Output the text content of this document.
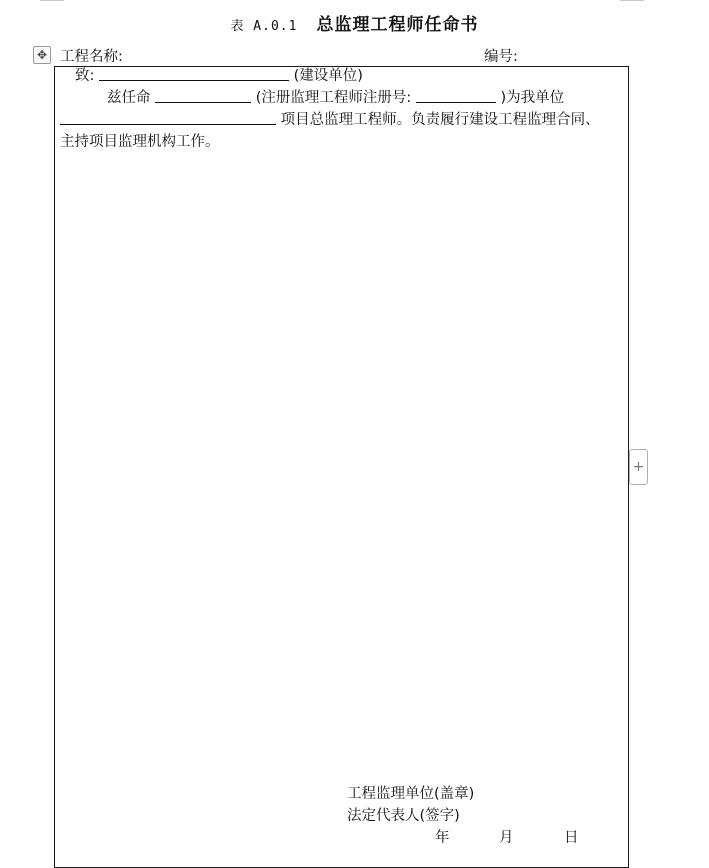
表 A.0.1 总监理工程师任命书
✥ 工程名称:	编号:
致:	(建设单位)
兹任命	(注册监理工程师注册号:	)为我单位
项目总监理工程师。负责履行建设工程监理合同、
主持项目监理机构工作。
工程监理单位(盖章)
法定代表人(签字)
年	月	日
+
